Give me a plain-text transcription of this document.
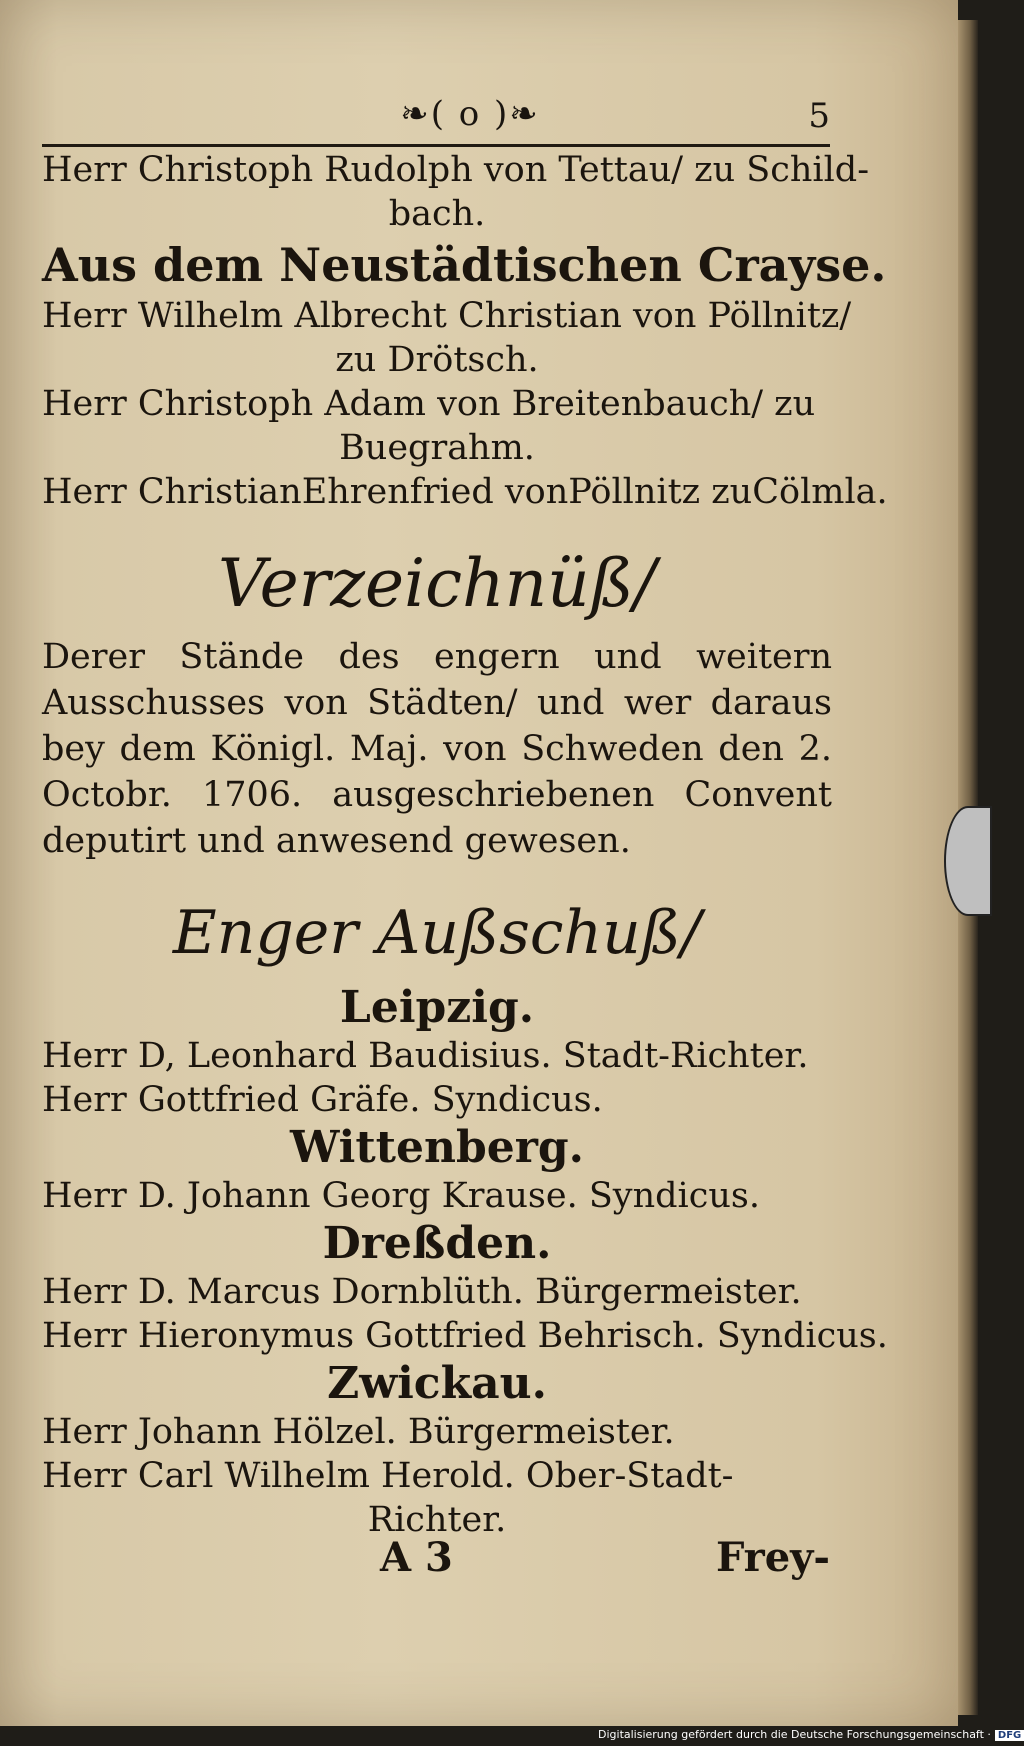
❧( o )❧	5
Herr Christoph Rudolph von Tettau/ zu Schild-
bach.
Aus dem Neustädtischen Crayse.
Herr Wilhelm Albrecht Christian von Pöllnitz/
zu Drötsch.
Herr Christoph Adam von Breitenbauch/ zu
Buegrahm.
Herr ChristianEhrenfried vonPöllnitz zuCölmla.
Verzeichnüß/
Derer Stände des engern und weitern Ausschusses von Städten/ und wer daraus bey dem Königl. Maj. von Schweden den 2. Octobr. 1706. ausgeschriebenen Convent deputirt und anwesend gewesen.
Enger Außschuß/
Leipzig.
Herr D, Leonhard Baudisius. Stadt-Richter.
Herr Gottfried Gräfe. Syndicus.
Wittenberg.
Herr D. Johann Georg Krause. Syndicus.
Dreßden.
Herr D. Marcus Dornblüth. Bürgermeister.
Herr Hieronymus Gottfried Behrisch. Syndicus.
Zwickau.
Herr Johann Hölzel. Bürgermeister.
Herr Carl Wilhelm Herold. Ober-Stadt-
Richter.
A 3	Frey-
Digitalisierung gefördert durch die Deutsche Forschungsgemeinschaft · DFG
